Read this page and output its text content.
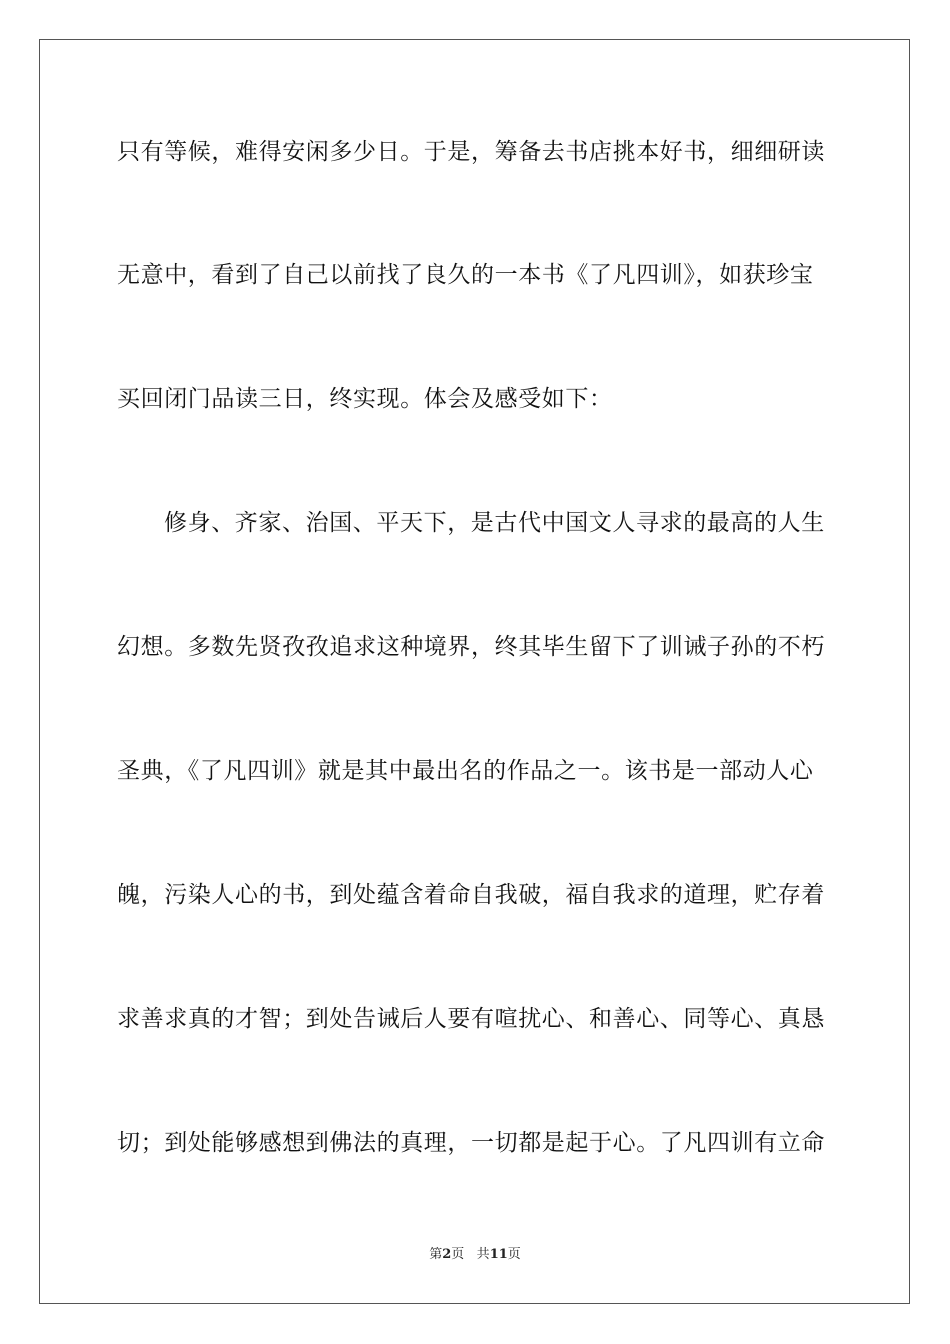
只有等候，难得安闲多少日。于是，筹备去书店挑本好书，细细研读
无意中，看到了自己以前找了良久的一本书《了凡四训》，如获珍宝
买回闭门品读三日，终实现。体会及感受如下：
修身、齐家、治国、平天下，是古代中国文人寻求的最高的人生
幻想。多数先贤孜孜追求这种境界，终其毕生留下了训诫子孙的不朽
圣典，《了凡四训》就是其中最出名的作品之一。该书是一部动人心
魄，污染人心的书，到处蕴含着命自我破，福自我求的道理，贮存着
求善求真的才智；到处告诫后人要有喧扰心、和善心、同等心、真恳
切；到处能够感想到佛法的真理，一切都是起于心。了凡四训有立命
第2页 共11页
